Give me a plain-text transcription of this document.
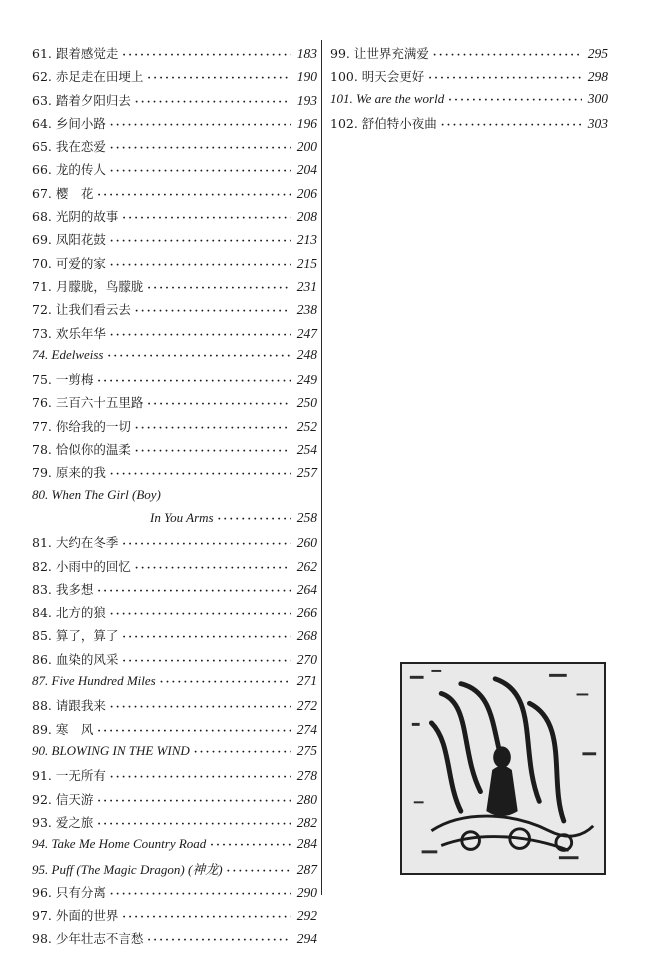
61. 跟着感觉走 ·····	183
62. 赤足走在田埂上 ·····	190
63. 踏着夕阳归去 ·····	193
64. 乡间小路 ·····	196
65. 我在恋爱 ·····	200
66. 龙的传人 ·····	204
67. 樱　花 ·····	206
68. 光阴的故事 ·····	208
69. 凤阳花鼓 ·····	213
70. 可爱的家 ·····	215
71. 月朦胧，鸟朦胧 ·····	231
72. 让我们看云去 ·····	238
73. 欢乐年华 ·····	247
74. Edelweiss ·····	248
75. 一剪梅 ·····	249
76. 三百六十五里路 ·····	250
77. 你给我的一切 ·····	252
78. 恰似你的温柔 ·····	254
79. 原来的我 ·····	257
80. When The Girl (Boy)
In You Arms ·····	258
81. 大约在冬季 ·····	260
82. 小雨中的回忆 ·····	262
83. 我多想 ·····	264
84. 北方的狼 ·····	266
85. 算了，算了 ·····	268
86. 血染的风采 ·····	270
87. Five Hundred Miles ·····	271
88. 请跟我来 ·····	272
89. 寒　风 ·····	274
90. BLOWING IN THE WIND ·····	275
91. 一无所有 ·····	278
92. 信天游 ·····	280
93. 爱之旅 ·····	282
94. Take Me Home Country Road ·····	284
95. Puff (The Magic Dragon) (神龙) ·····	287
96. 只有分离 ·····	290
97. 外面的世界 ·····	292
98. 少年壮志不言愁 ·····	294
99. 让世界充满爱 ·····	295
100. 明天会更好 ·····	298
101. We are the world ·····	300
102. 舒伯特小夜曲 ·····	303
